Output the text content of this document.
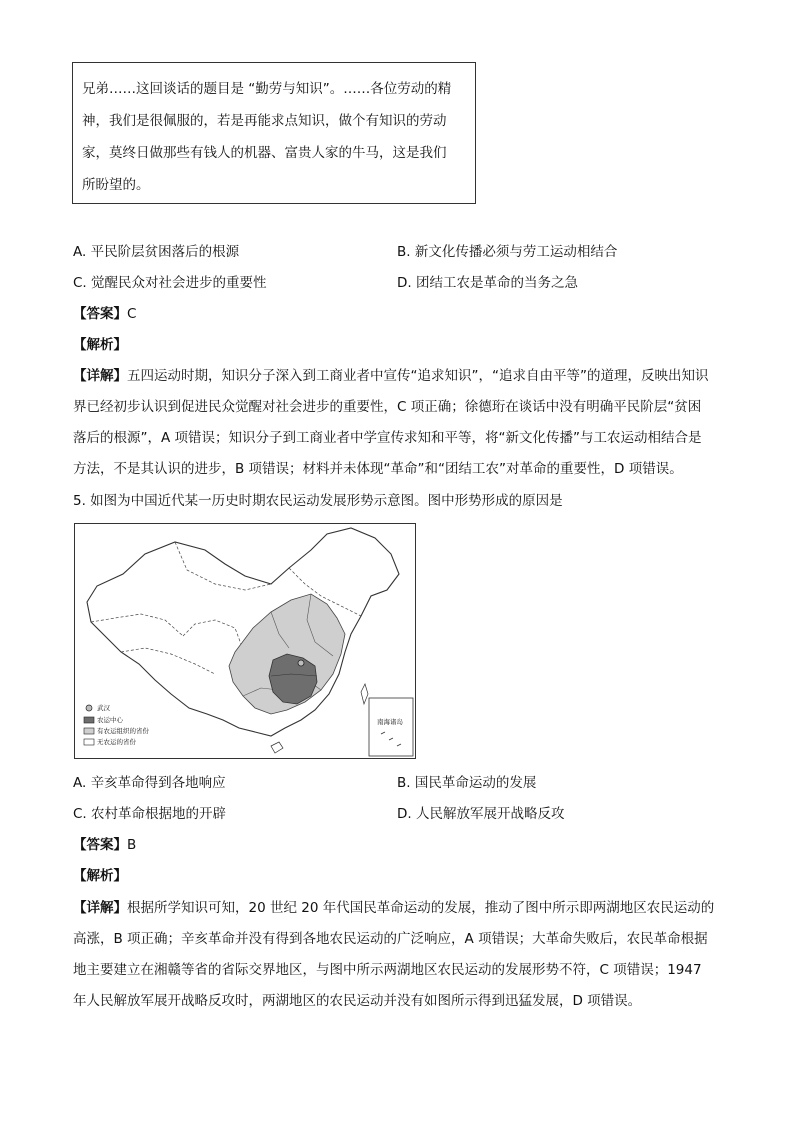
兄弟……这回谈话的题目是 “勤劳与知识”。……各位劳动的精
神，我们是很佩服的，若是再能求点知识，做个有知识的劳动
家，莫终日做那些有钱人的机器、富贵人家的牛马，这是我们
所盼望的。
A. 平民阶层贫困落后的根源	B. 新文化传播必须与劳工运动相结合
C. 觉醒民众对社会进步的重要性	D. 团结工农是革命的当务之急
【答案】C
【解析】
【详解】五四运动时期，知识分子深入到工商业者中宣传“追求知识”，“追求自由平等”的道理，反映出知识
界已经初步认识到促进民众觉醒对社会进步的重要性，C 项正确；徐德珩在谈话中没有明确平民阶层“贫困
落后的根源”，A 项错误；知识分子到工商业者中学宣传求知和平等，将“新文化传播”与工农运动相结合是
方法，不是其认识的进步，B 项错误；材料并未体现“革命”和“团结工农”对革命的重要性，D 项错误。
5. 如图为中国近代某一历史时期农民运动发展形势示意图。图中形势形成的原因是
武汉
农运中心
有农运组织的省份
无农运的省份
南海诸岛
A. 辛亥革命得到各地响应	B. 国民革命运动的发展
C. 农村革命根据地的开辟	D. 人民解放军展开战略反攻
【答案】B
【解析】
【详解】根据所学知识可知，20 世纪 20 年代国民革命运动的发展，推动了图中所示即两湖地区农民运动的
高涨，B 项正确；辛亥革命并没有得到各地农民运动的广泛响应，A 项错误；大革命失败后，农民革命根据
地主要建立在湘赣等省的省际交界地区，与图中所示两湖地区农民运动的发展形势不符，C 项错误；1947
年人民解放军展开战略反攻时，两湖地区的农民运动并没有如图所示得到迅猛发展，D 项错误。
